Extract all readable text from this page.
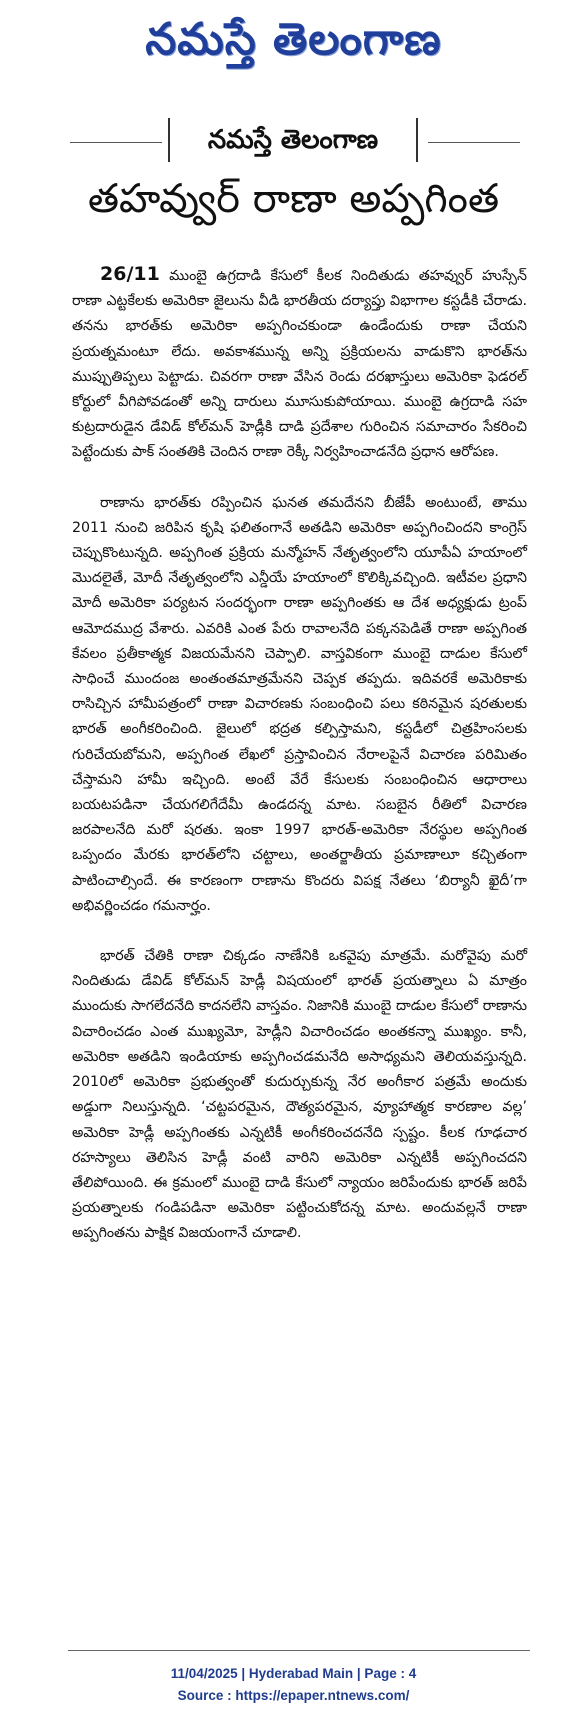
నమస్తే తెలంగాణ
నమస్తే తెలంగాణ
తహవ్వుర్ రాణా అప్పగింత

26/11 ముంబై ఉగ్రదాడి కేసులో కీలక నిందితుడు తహవ్వుర్ హుస్సేన్ రాణా ఎట్టకేలకు అమెరికా జైలును వీడి భారతీయ దర్యాప్తు విభాగాల కస్టడీకి చేరాడు. తనను భారత్‌కు అమెరికా అప్పగించకుండా ఉండేందుకు రాణా చేయని ప్రయత్నమంటూ లేదు. అవకాశమున్న అన్ని ప్రక్రియలను వాడుకొని భారత్‌ను ముప్పుతిప్పలు పెట్టాడు. చివరగా రాణా వేసిన రెండు దరఖాస్తులు అమెరికా ఫెడరల్ కోర్టులో వీగిపోవడంతో అన్ని దారులు మూసుకుపోయాయి. ముంబై ఉగ్రదాడి సహ కుట్రదారుడైన డేవిడ్ కోల్‌మన్ హెడ్లీకి దాడి ప్రదేశాల గురించిన సమాచారం సేకరించి పెట్టేందుకు పాక్ సంతతికి చెందిన రాణా రెక్కీ నిర్వహించాడనేది ప్రధాన ఆరోపణ.

రాణాను భారత్‌కు రప్పించిన ఘనత తమదేనని బీజేపీ అంటుంటే, తాము 2011 నుంచి జరిపిన కృషి ఫలితంగానే అతడిని అమెరికా అప్పగించిందని కాంగ్రెస్ చెప్పుకొంటున్నది. అప్పగింత ప్రక్రియ మన్మోహన్ నేతృత్వంలోని యూపీఏ హయాంలో మొదలైతే, మోదీ నేతృత్వంలోని ఎన్డీయే హయాంలో కొలిక్కివచ్చింది. ఇటీవల ప్రధాని మోదీ అమెరికా పర్యటన సందర్భంగా రాణా అప్పగింతకు ఆ దేశ అధ్యక్షుడు ట్రంప్ ఆమోదముద్ర వేశారు. ఎవరికి ఎంత పేరు రావాలనేది పక్కనపెడితే రాణా అప్పగింత కేవలం ప్రతీకాత్మక విజయమేనని చెప్పాలి. వాస్తవికంగా ముంబై దాడుల కేసులో సాధించే ముందంజ అంతంతమాత్రమేనని చెప్పక తప్పదు. ఇదివరకే అమెరికాకు రాసిచ్చిన హామీపత్రంలో రాణా విచారణకు సంబంధించి పలు కఠినమైన షరతులకు భారత్ అంగీకరించింది. జైలులో భద్రత కల్పిస్తామని, కస్టడీలో చిత్రహింసలకు గురిచేయబోమని, అప్పగింత లేఖలో ప్రస్తావించిన నేరాలపైనే విచారణ పరిమితం చేస్తామని హామీ ఇచ్చింది. అంటే వేరే కేసులకు సంబంధించిన ఆధారాలు బయటపడినా చేయగలిగేదేమీ ఉండదన్న మాట. సబబైన రీతిలో విచారణ జరపాలనేది మరో షరతు. ఇంకా 1997 భారత్-అమెరికా నేరస్థుల అప్పగింత ఒప్పందం మేరకు భారత్‌లోని చట్టాలు, అంతర్జాతీయ ప్రమాణాలూ కచ్చితంగా పాటించాల్సిందే. ఈ కారణంగా రాణాను కొందరు విపక్ష నేతలు ‘బిర్యానీ ఖైదీ’గా అభివర్ణించడం గమనార్హం.

భారత్ చేతికి రాణా చిక్కడం నాణేనికి ఒకవైపు మాత్రమే. మరోవైపు మరో నిందితుడు డేవిడ్ కోల్‌మన్ హెడ్లీ విషయంలో భారత్ ప్రయత్నాలు ఏ మాత్రం ముందుకు సాగలేదనేది కాదనలేని వాస్తవం. నిజానికి ముంబై దాడుల కేసులో రాణాను విచారించడం ఎంత ముఖ్యమో, హెడ్లీని విచారించడం అంతకన్నా ముఖ్యం. కానీ, అమెరికా అతడిని ఇండియాకు అప్పగించడమనేది అసాధ్యమని తెలియవస్తున్నది. 2010లో అమెరికా ప్రభుత్వంతో కుదుర్చుకున్న నేర అంగీకార పత్రమే అందుకు అడ్డుగా నిలుస్తున్నది. ‘చట్టపరమైన, దౌత్యపరమైన, వ్యూహాత్మక కారణాల వల్ల’ అమెరికా హెడ్లీ అప్పగింతకు ఎన్నటికీ అంగీకరించదనేది స్పష్టం. కీలక గూఢచార రహస్యాలు తెలిసిన హెడ్లీ వంటి వారిని అమెరికా ఎన్నటికీ అప్పగించదని తేలిపోయింది. ఈ క్రమంలో ముంబై దాడి కేసులో న్యాయం జరిపేందుకు భారత్ జరిపే ప్రయత్నాలకు గండిపడినా అమెరికా పట్టించుకోదన్న మాట. అందువల్లనే రాణా అప్పగింతను పాక్షిక విజయంగానే చూడాలి.

11/04/2025 | Hyderabad Main | Page : 4
Source : https://epaper.ntnews.com/
